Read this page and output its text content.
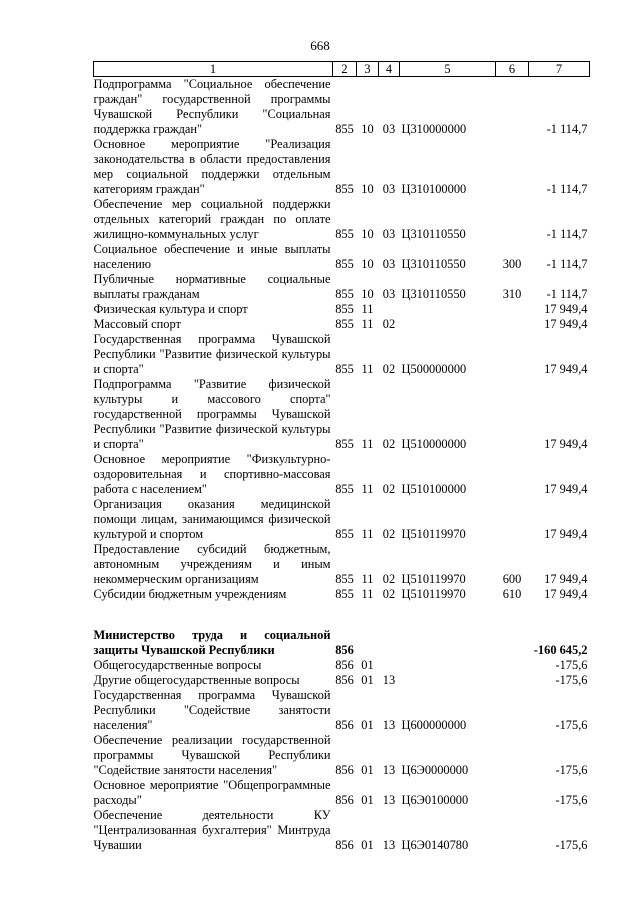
668
1	2	3	4	5	6	7
Подпрограмма "Социальное обеспечение граждан" государственной программы Чувашской Республики "Социальная поддержка граждан"	855	10	03	Ц310000000		-1 114,7
Основное мероприятие "Реализация законодательства в области предоставления мер социальной поддержки отдельным категориям граждан"	855	10	03	Ц310100000		-1 114,7
Обеспечение мер социальной поддержки отдельных категорий граждан по оплате жилищно-коммунальных услуг	855	10	03	Ц310110550		-1 114,7
Социальное обеспечение и иные выплаты населению	855	10	03	Ц310110550	300	-1 114,7
Публичные нормативные социальные выплаты гражданам	855	10	03	Ц310110550	310	-1 114,7
Физическая культура и спорт	855	11				17 949,4
Массовый спорт	855	11	02			17 949,4
Государственная программа Чувашской Республики "Развитие физической культуры и спорта"	855	11	02	Ц500000000		17 949,4
Подпрограмма "Развитие физической культуры и массового спорта" государственной программы Чувашской Республики "Развитие физической культуры и спорта"	855	11	02	Ц510000000		17 949,4
Основное мероприятие "Физкультурно-оздоровительная и спортивно-массовая работа с населением"	855	11	02	Ц510100000		17 949,4
Организация оказания медицинской помощи лицам, занимающимся физической культурой и спортом	855	11	02	Ц510119970		17 949,4
Предоставление субсидий бюджетным, автономным учреждениям и иным некоммерческим организациям	855	11	02	Ц510119970	600	17 949,4
Субсидии бюджетным учреждениям	855	11	02	Ц510119970	610	17 949,4

Министерство труда и социальной защиты Чувашской Республики	856					-160 645,2
Общегосударственные вопросы	856	01				-175,6
Другие общегосударственные вопросы	856	01	13			-175,6
Государственная программа Чувашской Республики "Содействие занятости населения"	856	01	13	Ц600000000		-175,6
Обеспечение реализации государственной программы Чувашской Республики "Содействие занятости населения"	856	01	13	Ц6Э0000000		-175,6
Основное мероприятие "Общепрограммные расходы"	856	01	13	Ц6Э0100000		-175,6
Обеспечение деятельности КУ "Централизованная бухгалтерия" Минтруда Чувашии	856	01	13	Ц6Э0140780		-175,6
